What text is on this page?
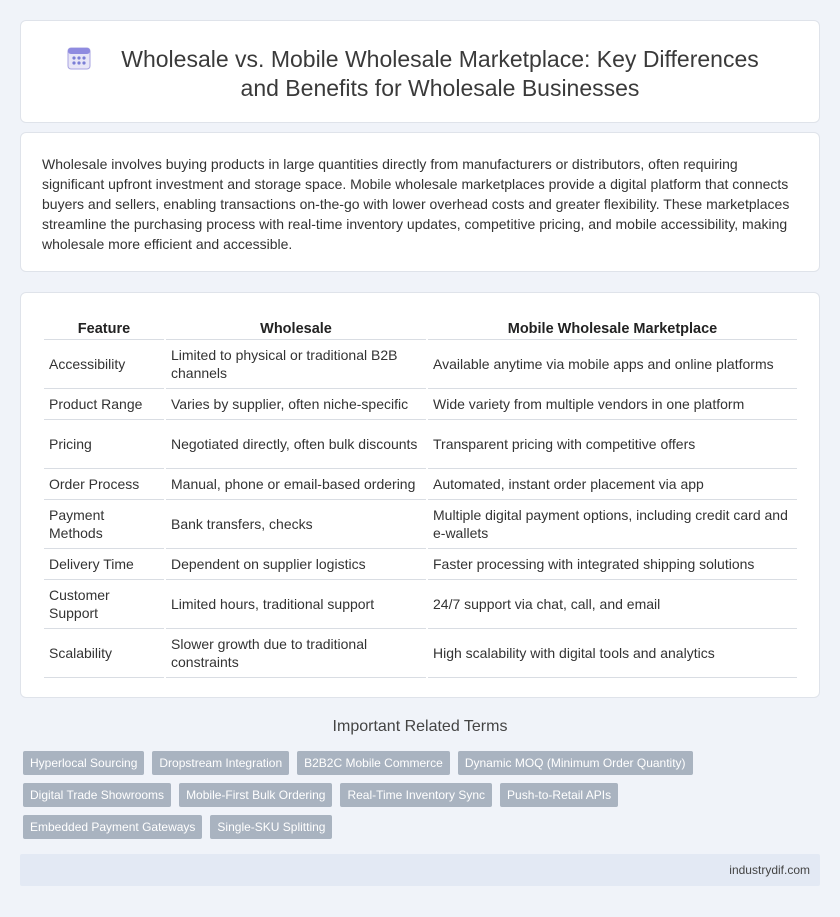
Wholesale vs. Mobile Wholesale Marketplace: Key Differences and Benefits for Wholesale Businesses

Wholesale involves buying products in large quantities directly from manufacturers or distributors, often requiring significant upfront investment and storage space. Mobile wholesale marketplaces provide a digital platform that connects buyers and sellers, enabling transactions on-the-go with lower overhead costs and greater flexibility. These marketplaces streamline the purchasing process with real-time inventory updates, competitive pricing, and mobile accessibility, making wholesale more efficient and accessible.

Feature	Wholesale	Mobile Wholesale Marketplace
Accessibility	Limited to physical or traditional B2B channels	Available anytime via mobile apps and online platforms
Product Range	Varies by supplier, often niche-specific	Wide variety from multiple vendors in one platform
Pricing	Negotiated directly, often bulk discounts	Transparent pricing with competitive offers
Order Process	Manual, phone or email-based ordering	Automated, instant order placement via app
Payment Methods	Bank transfers, checks	Multiple digital payment options, including credit card and e-wallets
Delivery Time	Dependent on supplier logistics	Faster processing with integrated shipping solutions
Customer Support	Limited hours, traditional support	24/7 support via chat, call, and email
Scalability	Slower growth due to traditional constraints	High scalability with digital tools and analytics
Important Related Terms
Hyperlocal Sourcing	Dropstream Integration	B2B2C Mobile Commerce	Dynamic MOQ (Minimum Order Quantity)
Digital Trade Showrooms	Mobile-First Bulk Ordering	Real-Time Inventory Sync	Push-to-Retail APIs
Embedded Payment Gateways	Single-SKU Splitting
industrydif.com
